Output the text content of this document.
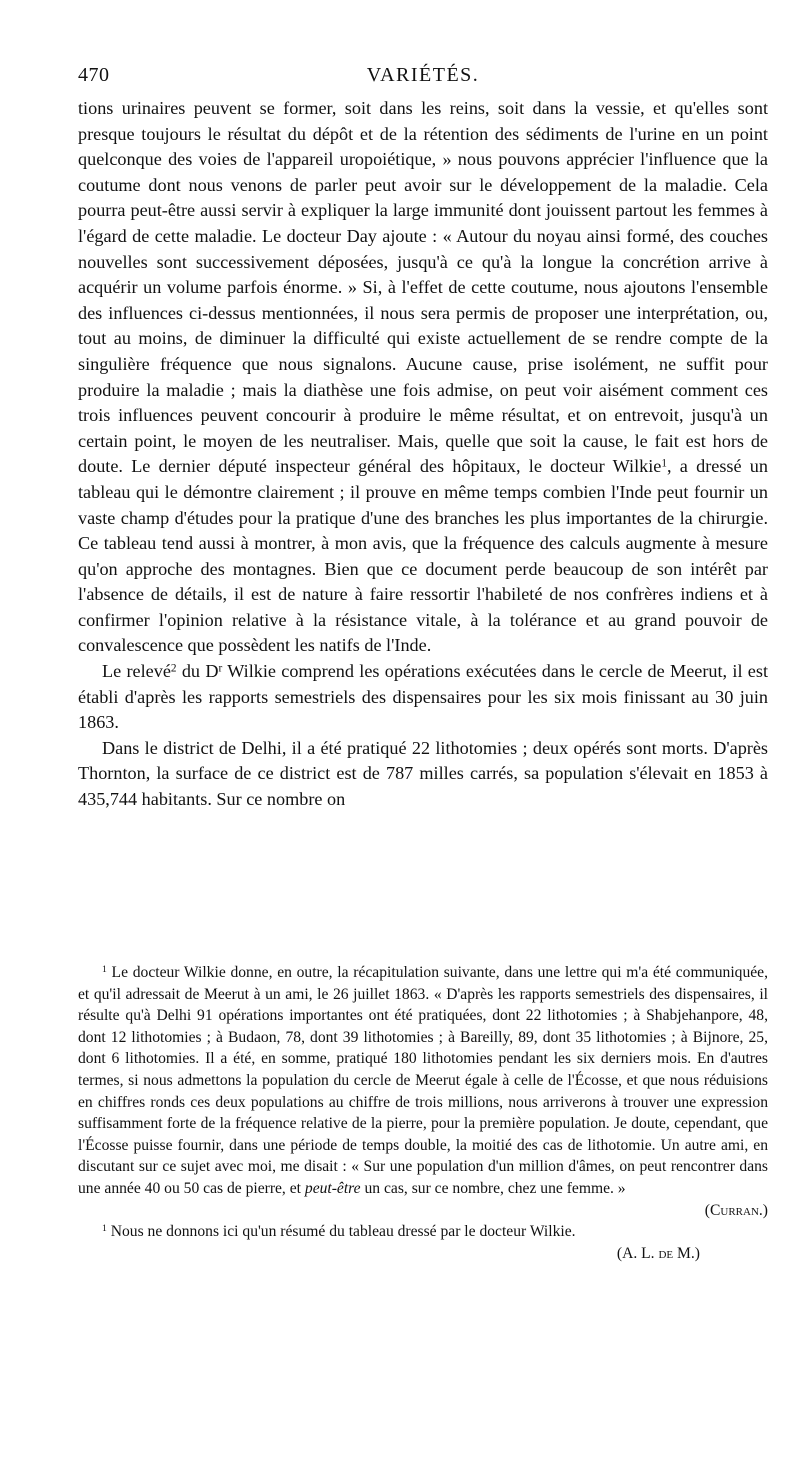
470	VARIÉTÉS.

tions urinaires peuvent se former, soit dans les reins, soit dans la vessie, et qu'elles sont presque toujours le résultat du dépôt et de la rétention des sédiments de l'urine en un point quelconque des voies de l'appareil uropoiétique, » nous pouvons apprécier l'influence que la coutume dont nous venons de parler peut avoir sur le développement de la maladie. Cela pourra peut-être aussi servir à expliquer la large immunité dont jouissent partout les femmes à l'égard de cette maladie. Le docteur Day ajoute : « Autour du noyau ainsi formé, des couches nouvelles sont successivement déposées, jusqu'à ce qu'à la longue la concrétion arrive à acquérir un volume parfois énorme. » Si, à l'effet de cette coutume, nous ajoutons l'ensemble des influences ci-dessus mentionnées, il nous sera permis de proposer une interprétation, ou, tout au moins, de diminuer la difficulté qui existe actuellement de se rendre compte de la singulière fréquence que nous signalons. Aucune cause, prise isolément, ne suffit pour produire la maladie ; mais la diathèse une fois admise, on peut voir aisément comment ces trois influences peuvent concourir à produire le même résultat, et on entrevoit, jusqu'à un certain point, le moyen de les neutraliser. Mais, quelle que soit la cause, le fait est hors de doute. Le dernier député inspecteur général des hôpitaux, le docteur Wilkie$^1$, a dressé un tableau qui le démontre clairement ; il prouve en même temps combien l'Inde peut fournir un vaste champ d'études pour la pratique d'une des branches les plus importantes de la chirurgie. Ce tableau tend aussi à montrer, à mon avis, que la fréquence des calculs augmente à mesure qu'on approche des montagnes. Bien que ce document perde beaucoup de son intérêt par l'absence de détails, il est de nature à faire ressortir l'habileté de nos confrères indiens et à confirmer l'opinion relative à la résistance vitale, à la tolérance et au grand pouvoir de convalescence que possèdent les natifs de l'Inde.

Le relevé$^2$ du $D^r$ Wilkie comprend les opérations exécutées dans le cercle de Meerut, il est établi d'après les rapports semestriels des dispensaires pour les six mois finissant au 30 juin 1863.

Dans le district de Delhi, il a été pratiqué 22 lithotomies ; deux opérés sont morts. D'après Thornton, la surface de ce district est de 787 milles carrés, sa population s'élevait en 1853 à 435,744 habitants. Sur ce nombre on

$^1$ Le docteur Wilkie donne, en outre, la récapitulation suivante, dans une lettre qui m'a été communiquée, et qu'il adressait de Meerut à un ami, le 26 juillet 1863. « D'après les rapports semestriels des dispensaires, il résulte qu'à Delhi 91 opérations importantes ont été pratiquées, dont 22 lithotomies ; à Shabjehanpore, 48, dont 12 lithotomies ; à Budaon, 78, dont 39 lithotomies ; à Bareilly, 89, dont 35 lithotomies ; à Bijnore, 25, dont 6 lithotomies. Il a été, en somme, pratiqué 180 lithotomies pendant les six derniers mois. En d'autres termes, si nous admettons la population du cercle de Meerut égale à celle de l'Écosse, et que nous réduisions en chiffres ronds ces deux populations au chiffre de trois millions, nous arriverons à trouver une expression suffisamment forte de la fréquence relative de la pierre, pour la première population. Je doute, cependant, que l'Écosse puisse fournir, dans une période de temps double, la moitié des cas de lithotomie. Un autre ami, en discutant sur ce sujet avec moi, me disait : « Sur une population d'un million d'âmes, on peut rencontrer dans une année 40 ou 50 cas de pierre, et peut-être un cas, sur ce nombre, chez une femme. »

(Curran.)

$^1$ Nous ne donnons ici qu'un résumé du tableau dressé par le docteur Wilkie.

(A. L. de M.)
